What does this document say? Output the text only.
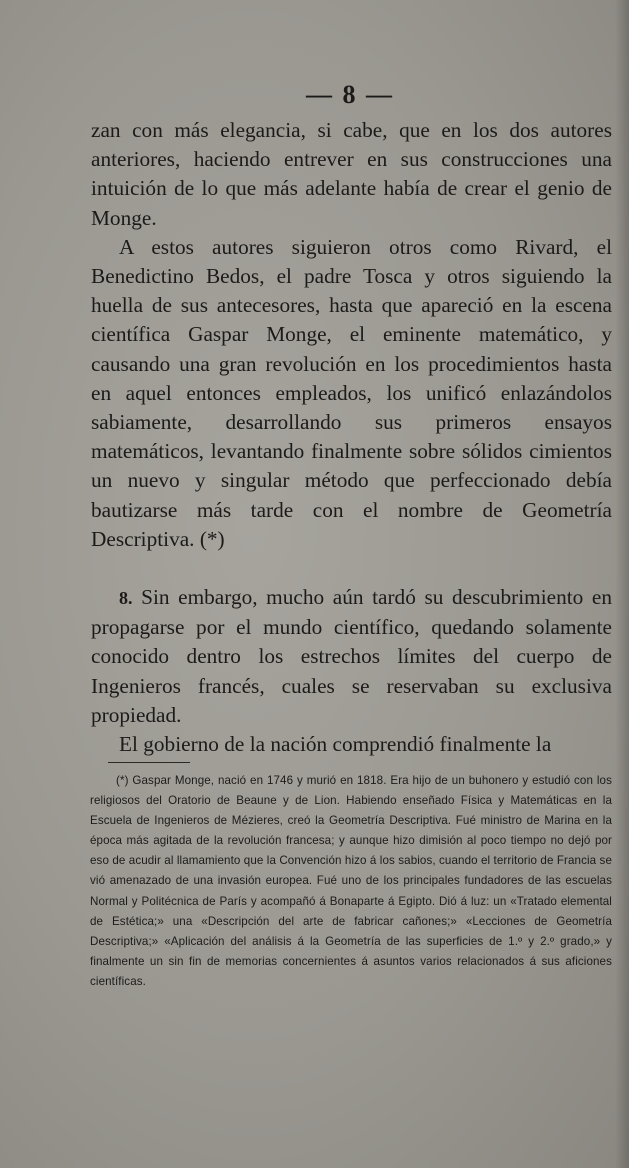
— 8 —

zan con más elegancia, si cabe, que en los dos autores anteriores, haciendo entrever en sus construcciones una intuición de lo que más adelante había de crear el genio de Monge.

A estos autores siguieron otros como Rivard, el Benedictino Bedos, el padre Tosca y otros siguiendo la huella de sus antecesores, hasta que apareció en la escena científica Gaspar Monge, el eminente matemático, y causando una gran revolución en los procedimientos hasta en aquel entonces empleados, los unificó enlazándolos sabiamente, desarrollando sus primeros ensayos matemáticos, levantando finalmente sobre sólidos cimientos un nuevo y singular método que perfeccionado debía bautizarse más tarde con el nombre de Geometría Descriptiva. (*)

8. Sin embargo, mucho aún tardó su descubrimiento en propagarse por el mundo científico, quedando solamente conocido dentro los estrechos límites del cuerpo de Ingenieros francés, cuales se reservaban su exclusiva propiedad.

El gobierno de la nación comprendió finalmente la

(*) Gaspar Monge, nació en 1746 y murió en 1818. Era hijo de un buhonero y estudió con los religiosos del Oratorio de Beaune y de Lion. Habiendo enseñado Física y Matemáticas en la Escuela de Ingenieros de Mézieres, creó la Geometría Descriptiva. Fué ministro de Marina en la época más agitada de la revolución francesa; y aunque hizo dimisión al poco tiempo no dejó por eso de acudir al llamamiento que la Convención hizo á los sabios, cuando el territorio de Francia se vió amenazado de una invasión europea. Fué uno de los principales fundadores de las escuelas Normal y Politécnica de París y acompañó á Bonaparte á Egipto. Dió á luz: un «Tratado elemental de Estética;» una «Descripción del arte de fabricar cañones;» «Lecciones de Geometría Descriptiva;» «Aplicación del análisis á la Geometría de las superficies de 1.º y 2.º grado,» y finalmente un sin fin de memorias concernientes á asuntos varios relacionados á sus aficiones científicas.
